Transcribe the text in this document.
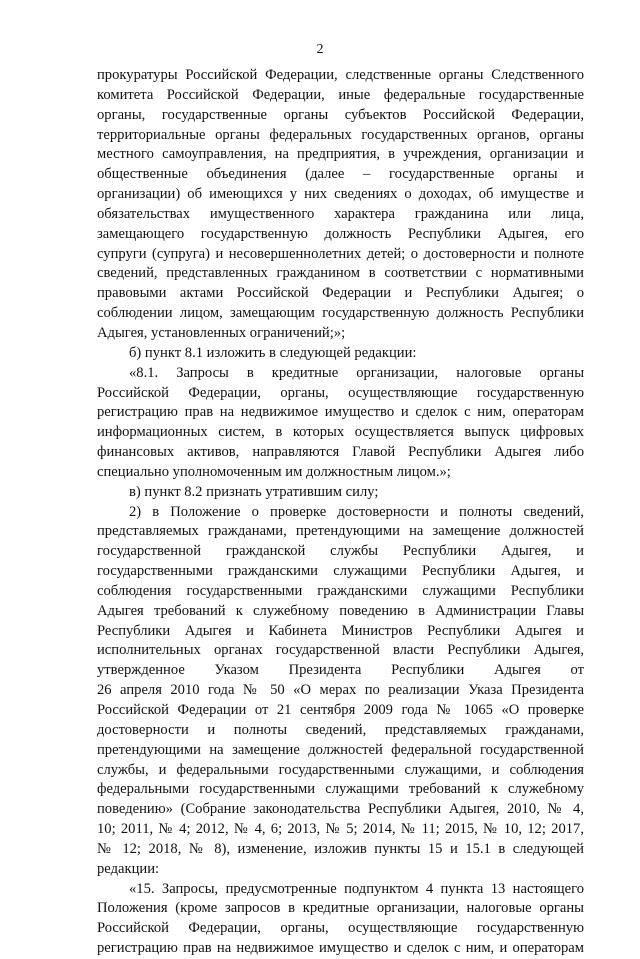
2
прокуратуры Российской Федерации, следственные органы Следственного
комитета Российской Федерации, иные федеральные государственные
органы, государственные органы субъектов Российской Федерации,
территориальные органы федеральных государственных органов, органы
местного самоуправления, на предприятия, в учреждения, организации и
общественные объединения (далее – государственные органы и
организации) об имеющихся у них сведениях о доходах, об имуществе и
обязательствах имущественного характера гражданина или лица,
замещающего государственную должность Республики Адыгея, его
супруги (супруга) и несовершеннолетних детей; о достоверности и полноте
сведений, представленных гражданином в соответствии с нормативными
правовыми актами Российской Федерации и Республики Адыгея; о
соблюдении лицом, замещающим государственную должность Республики
Адыгея, установленных ограничений;»;
б) пункт 8.1 изложить в следующей редакции:
«8.1. Запросы в кредитные организации, налоговые органы
Российской Федерации, органы, осуществляющие государственную
регистрацию прав на недвижимое имущество и сделок с ним, операторам
информационных систем, в которых осуществляется выпуск цифровых
финансовых активов, направляются Главой Республики Адыгея либо
специально уполномоченным им должностным лицом.»;
в) пункт 8.2 признать утратившим силу;
2) в Положение о проверке достоверности и полноты сведений,
представляемых гражданами, претендующими на замещение должностей
государственной гражданской службы Республики Адыгея, и
государственными гражданскими служащими Республики Адыгея, и
соблюдения государственными гражданскими служащими Республики
Адыгея требований к служебному поведению в Администрации Главы
Республики Адыгея и Кабинета Министров Республики Адыгея и
исполнительных органах государственной власти Республики Адыгея,
утвержденное Указом Президента Республики Адыгея от
26 апреля 2010 года № 50 «О мерах по реализации Указа Президента
Российской Федерации от 21 сентября 2009 года № 1065 «О проверке
достоверности и полноты сведений, представляемых гражданами,
претендующими на замещение должностей федеральной государственной
службы, и федеральными государственными служащими, и соблюдения
федеральными государственными служащими требований к служебному
поведению» (Собрание законодательства Республики Адыгея, 2010, № 4,
10; 2011, № 4; 2012, № 4, 6; 2013, № 5; 2014, № 11; 2015, № 10, 12; 2017,
№ 12; 2018, № 8), изменение, изложив пункты 15 и 15.1 в следующей
редакции:
«15. Запросы, предусмотренные подпунктом 4 пункта 13 настоящего
Положения (кроме запросов в кредитные организации, налоговые органы
Российской Федерации, органы, осуществляющие государственную
регистрацию прав на недвижимое имущество и сделок с ним, и операторам
